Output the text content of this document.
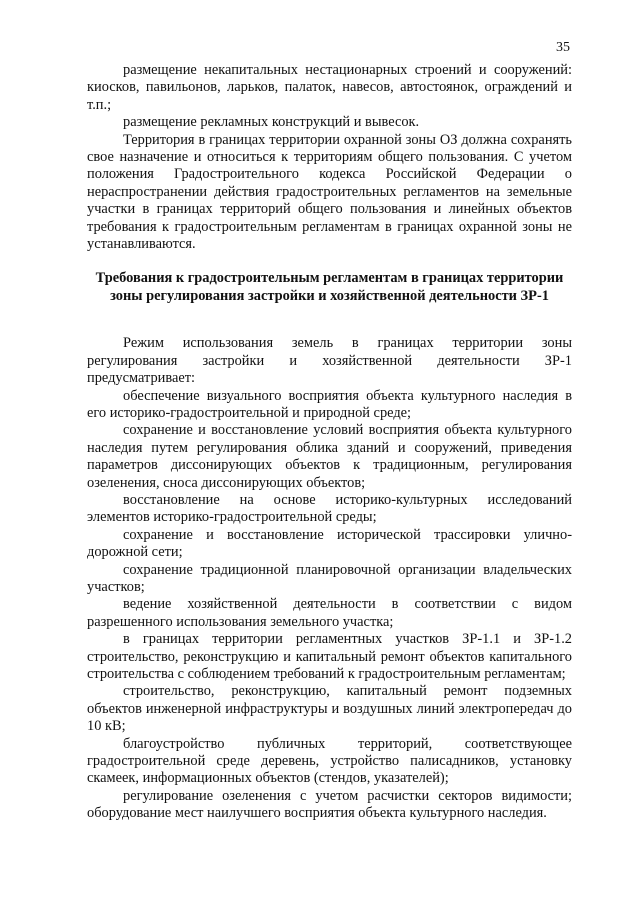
35

размещение некапитальных нестационарных строений и сооружений: киосков, павильонов, ларьков, палаток, навесов, автостоянок, ограждений и т.п.;

размещение рекламных конструкций и вывесок.

Территория в границах территории охранной зоны ОЗ должна сохранять свое назначение и относиться к территориям общего пользования. С учетом положения Градостроительного кодекса Российской Федерации о нераспространении действия градостроительных регламентов на земельные участки в границах территорий общего пользования и линейных объектов требования к градостроительным регламентам в границах охранной зоны не устанавливаются.

Требования к градостроительным регламентам в границах территории зоны регулирования застройки и хозяйственной деятельности ЗР-1

Режим использования земель в границах территории зоны регулирования застройки и хозяйственной деятельности ЗР-1 предусматривает:

обеспечение визуального восприятия объекта культурного наследия в его историко-градостроительной и природной среде;

сохранение и восстановление условий восприятия объекта культурного наследия путем регулирования облика зданий и сооружений, приведения параметров диссонирующих объектов к традиционным, регулирования озеленения, сноса диссонирующих объектов;

восстановление на основе историко-культурных исследований элементов историко-градостроительной среды;

сохранение и восстановление исторической трассировки улично-дорожной сети;

сохранение традиционной планировочной организации владельческих участков;

ведение хозяйственной деятельности в соответствии с видом разрешенного использования земельного участка;

в границах территории регламентных участков ЗР-1.1 и ЗР-1.2 строительство, реконструкцию и капитальный ремонт объектов капитального строительства с соблюдением требований к градостроительным регламентам;

строительство, реконструкцию, капитальный ремонт подземных объектов инженерной инфраструктуры и воздушных линий электропередач до 10 кВ;

благоустройство публичных территорий, соответствующее градостроительной среде деревень, устройство палисадников, установку скамеек, информационных объектов (стендов, указателей);

регулирование озеленения с учетом расчистки секторов видимости; оборудование мест наилучшего восприятия объекта культурного наследия.
